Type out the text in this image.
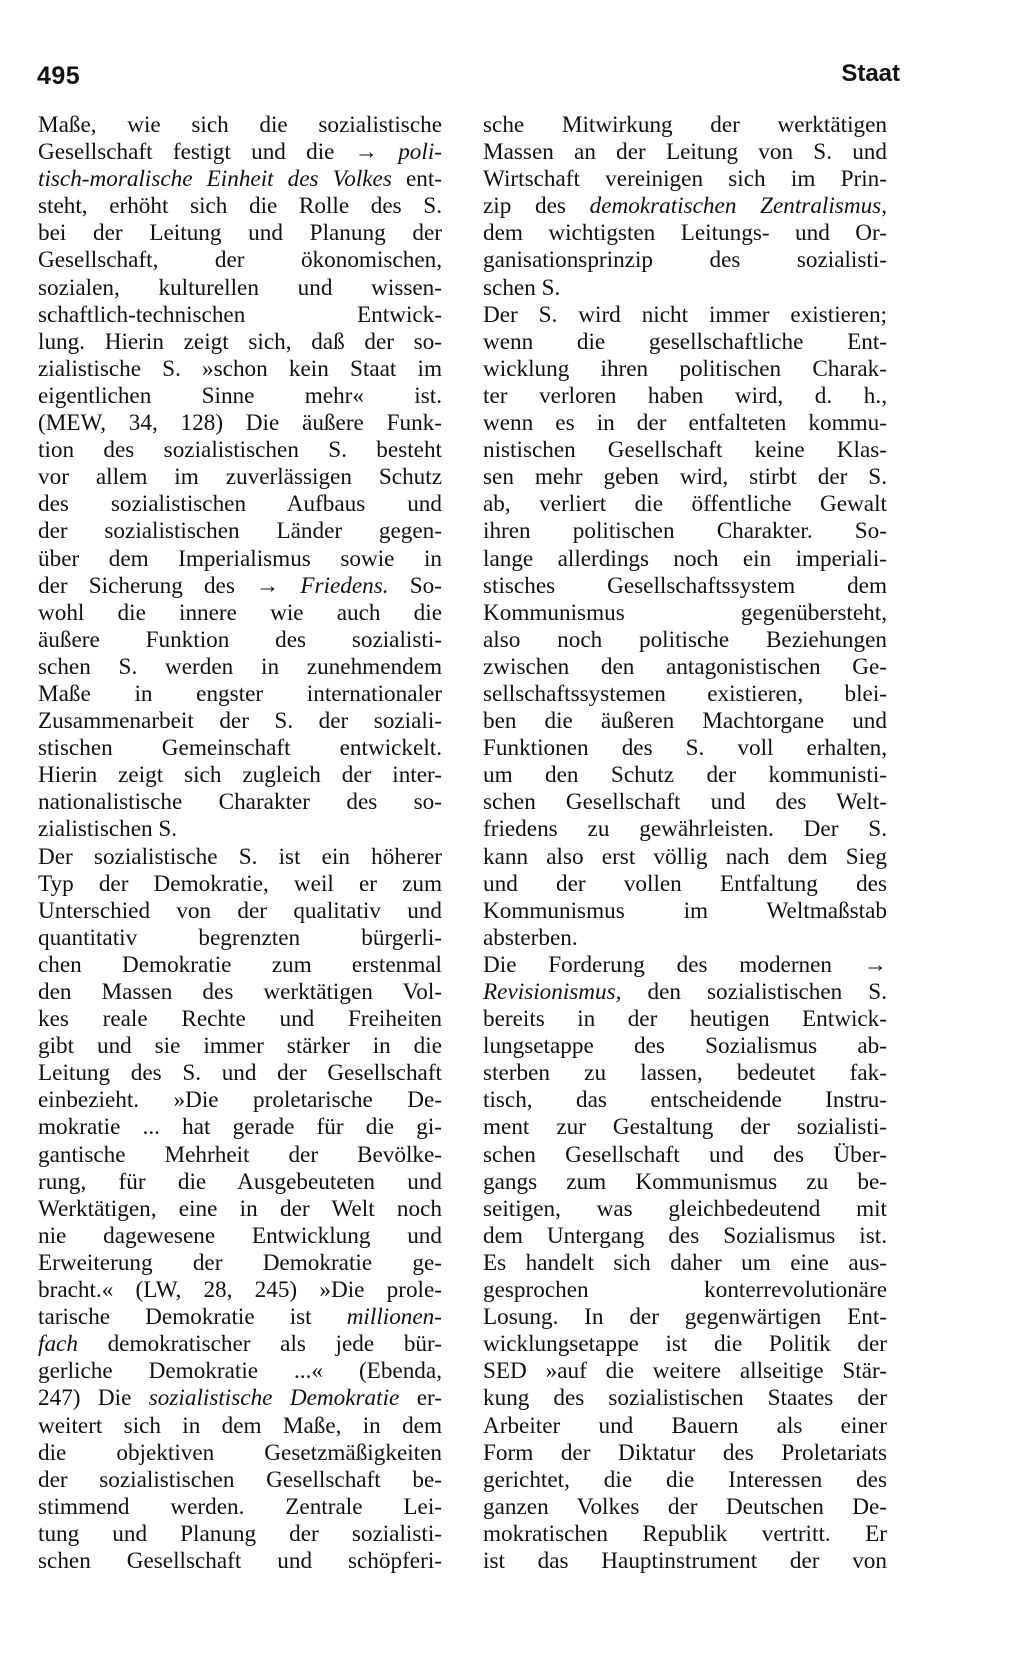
495	Staat
Maße, wie sich die sozialistische
Gesellschaft festigt und die → poli-
tisch-moralische Einheit des Volkes ent-
steht, erhöht sich die Rolle des S.
bei der Leitung und Planung der
Gesellschaft, der ökonomischen,
sozialen, kulturellen und wissen-
schaftlich-technischen Entwick-
lung. Hierin zeigt sich, daß der so-
zialistische S. »schon kein Staat im
eigentlichen Sinne mehr« ist.
(MEW, 34, 128) Die äußere Funk-
tion des sozialistischen S. besteht
vor allem im zuverlässigen Schutz
des sozialistischen Aufbaus und
der sozialistischen Länder gegen-
über dem Imperialismus sowie in
der Sicherung des → Friedens. So-
wohl die innere wie auch die
äußere Funktion des sozialisti-
schen S. werden in zunehmendem
Maße in engster internationaler
Zusammenarbeit der S. der soziali-
stischen Gemeinschaft entwickelt.
Hierin zeigt sich zugleich der inter-
nationalistische Charakter des so-
zialistischen S.
Der sozialistische S. ist ein höherer
Typ der Demokratie, weil er zum
Unterschied von der qualitativ und
quantitativ begrenzten bürgerli-
chen Demokratie zum erstenmal
den Massen des werktätigen Vol-
kes reale Rechte und Freiheiten
gibt und sie immer stärker in die
Leitung des S. und der Gesellschaft
einbezieht. »Die proletarische De-
mokratie ... hat gerade für die gi-
gantische Mehrheit der Bevölke-
rung, für die Ausgebeuteten und
Werktätigen, eine in der Welt noch
nie dagewesene Entwicklung und
Erweiterung der Demokratie ge-
bracht.« (LW, 28, 245) »Die prole-
tarische Demokratie ist millionen-
fach demokratischer als jede bür-
gerliche Demokratie ...« (Ebenda,
247) Die sozialistische Demokratie er-
weitert sich in dem Maße, in dem
die objektiven Gesetzmäßigkeiten
der sozialistischen Gesellschaft be-
stimmend werden. Zentrale Lei-
tung und Planung der sozialisti-
schen Gesellschaft und schöpferi-
sche Mitwirkung der werktätigen
Massen an der Leitung von S. und
Wirtschaft vereinigen sich im Prin-
zip des demokratischen Zentralismus,
dem wichtigsten Leitungs- und Or-
ganisationsprinzip des sozialisti-
schen S.
Der S. wird nicht immer existieren;
wenn die gesellschaftliche Ent-
wicklung ihren politischen Charak-
ter verloren haben wird, d. h.,
wenn es in der entfalteten kommu-
nistischen Gesellschaft keine Klas-
sen mehr geben wird, stirbt der S.
ab, verliert die öffentliche Gewalt
ihren politischen Charakter. So-
lange allerdings noch ein imperiali-
stisches Gesellschaftssystem dem
Kommunismus gegenübersteht,
also noch politische Beziehungen
zwischen den antagonistischen Ge-
sellschaftssystemen existieren, blei-
ben die äußeren Machtorgane und
Funktionen des S. voll erhalten,
um den Schutz der kommunisti-
schen Gesellschaft und des Welt-
friedens zu gewährleisten. Der S.
kann also erst völlig nach dem Sieg
und der vollen Entfaltung des
Kommunismus im Weltmaßstab
absterben.
Die Forderung des modernen →
Revisionismus, den sozialistischen S.
bereits in der heutigen Entwick-
lungsetappe des Sozialismus ab-
sterben zu lassen, bedeutet fak-
tisch, das entscheidende Instru-
ment zur Gestaltung der sozialisti-
schen Gesellschaft und des Über-
gangs zum Kommunismus zu be-
seitigen, was gleichbedeutend mit
dem Untergang des Sozialismus ist.
Es handelt sich daher um eine aus-
gesprochen konterrevolutionäre
Losung. In der gegenwärtigen Ent-
wicklungsetappe ist die Politik der
SED »auf die weitere allseitige Stär-
kung des sozialistischen Staates der
Arbeiter und Bauern als einer
Form der Diktatur des Proletariats
gerichtet, die die Interessen des
ganzen Volkes der Deutschen De-
mokratischen Republik vertritt. Er
ist das Hauptinstrument der von
